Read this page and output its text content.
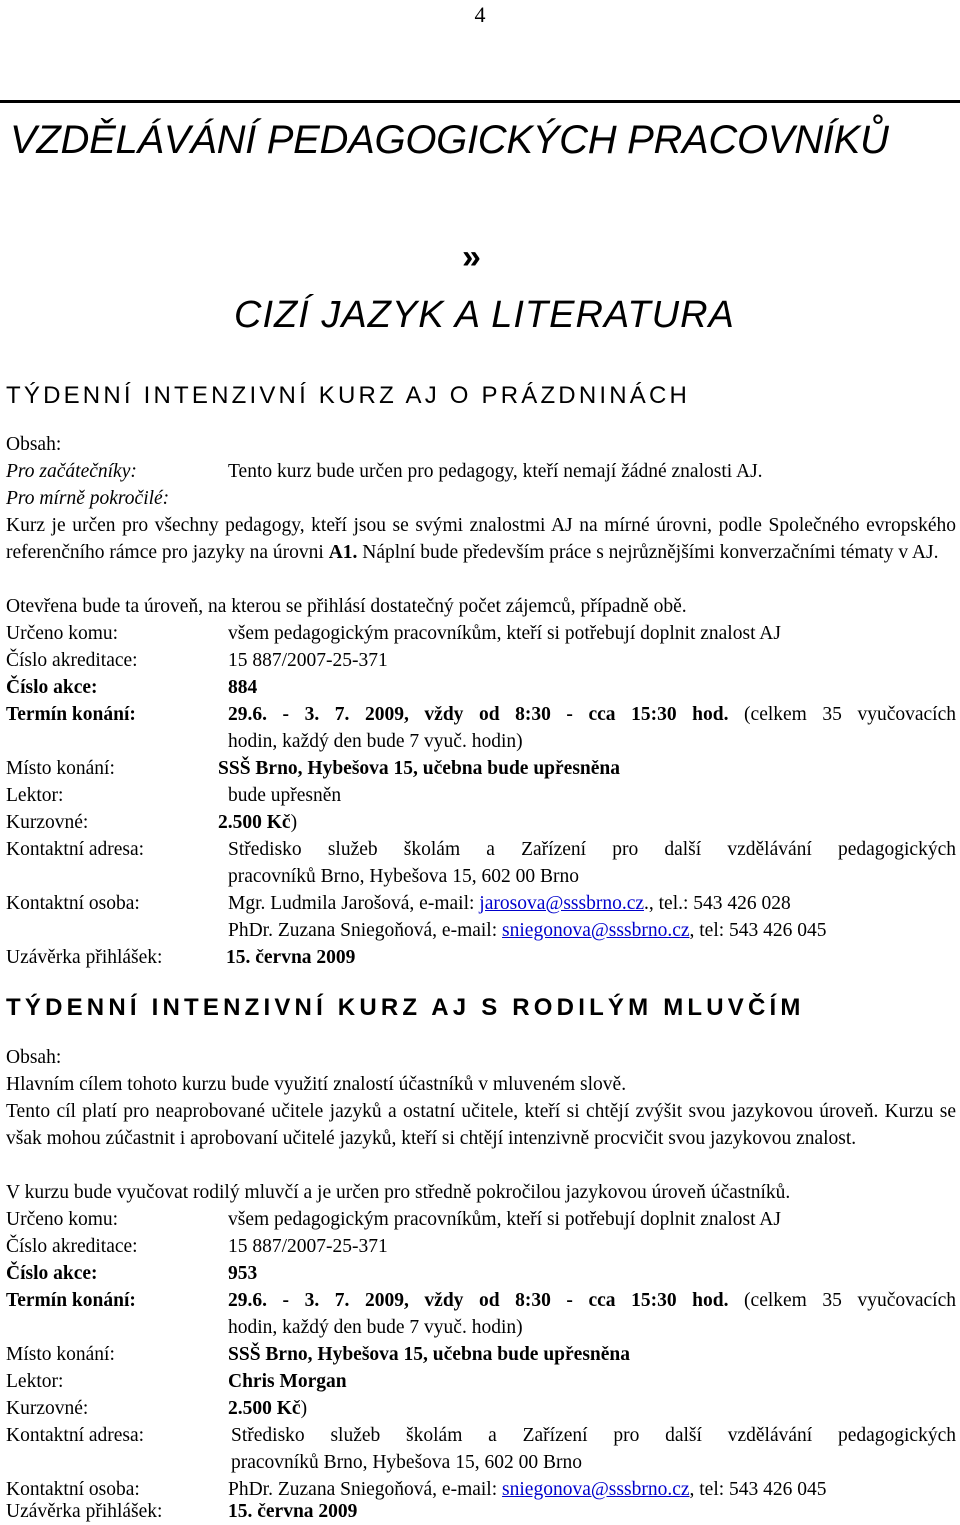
4
VZDĚLÁVÁNÍ PEDAGOGICKÝCH PRACOVNÍKŮ
»
CIZÍ JAZYK A LITERATURA
TÝDENNÍ INTENZIVNÍ KURZ AJ O PRÁZDNINÁCH
Obsah:
Pro začátečníky:	Tento kurz bude určen pro pedagogy, kteří nemají žádné znalosti AJ.
Pro mírně pokročilé:
Kurz je určen pro všechny pedagogy, kteří jsou se svými znalostmi AJ na mírné úrovni, podle Společného evropského referenčního rámce pro jazyky na úrovni A1. Náplní bude především práce s nejrůznějšími konverzačními tématy v AJ.
Otevřena bude ta úroveň, na kterou se přihlásí dostatečný počet zájemců, případně obě.
Určeno komu:	všem pedagogickým pracovníkům, kteří si potřebují doplnit znalost AJ
Číslo akreditace:	15 887/2007-25-371
Číslo akce:	884
Termín konání:	29.6. - 3. 7. 2009, vždy od 8:30 - cca 15:30 hod. (celkem 35 vyučovacích
hodin, každý den bude 7 vyuč. hodin)
Místo konání:	SSŠ Brno, Hybešova 15, učebna bude upřesněna
Lektor:	bude upřesněn
Kurzovné:	2.500 Kč)
Kontaktní adresa:	Středisko služeb školám a Zařízení pro další vzdělávání pedagogických
pracovníků Brno, Hybešova 15, 602 00 Brno
Kontaktní osoba:	Mgr. Ludmila Jarošová, e-mail: jarosova@sssbrno.cz., tel.: 543 426 028
PhDr. Zuzana Sniegoňová, e-mail: sniegonova@sssbrno.cz, tel: 543 426 045
Uzávěrka přihlášek:	15. června 2009
TÝDENNÍ INTENZIVNÍ KURZ AJ S RODILÝM MLUVČÍM
Obsah:
Hlavním cílem tohoto kurzu bude využití znalostí účastníků v mluveném slově.
Tento cíl platí pro neaprobované učitele jazyků a ostatní učitele, kteří si chtějí zvýšit svou jazykovou úroveň. Kurzu se však mohou zúčastnit i aprobovaní učitelé jazyků, kteří si chtějí intenzivně procvičit svou jazykovou znalost.
V kurzu bude vyučovat rodilý mluvčí a je určen pro středně pokročilou jazykovou úroveň účastníků.
Určeno komu:	všem pedagogickým pracovníkům, kteří si potřebují doplnit znalost AJ
Číslo akreditace:	15 887/2007-25-371
Číslo akce:	953
Termín konání:	29.6. - 3. 7. 2009, vždy od 8:30 - cca 15:30 hod. (celkem 35 vyučovacích
hodin, každý den bude 7 vyuč. hodin)
Místo konání:	SSŠ Brno, Hybešova 15, učebna bude upřesněna
Lektor:	Chris Morgan
Kurzovné:	2.500 Kč)
Kontaktní adresa:	Středisko služeb školám a Zařízení pro další vzdělávání pedagogických
pracovníků Brno, Hybešova 15, 602 00 Brno
Kontaktní osoba:	PhDr. Zuzana Sniegoňová, e-mail: sniegonova@sssbrno.cz, tel: 543 426 045
Uzávěrka přihlášek:	15. června 2009
